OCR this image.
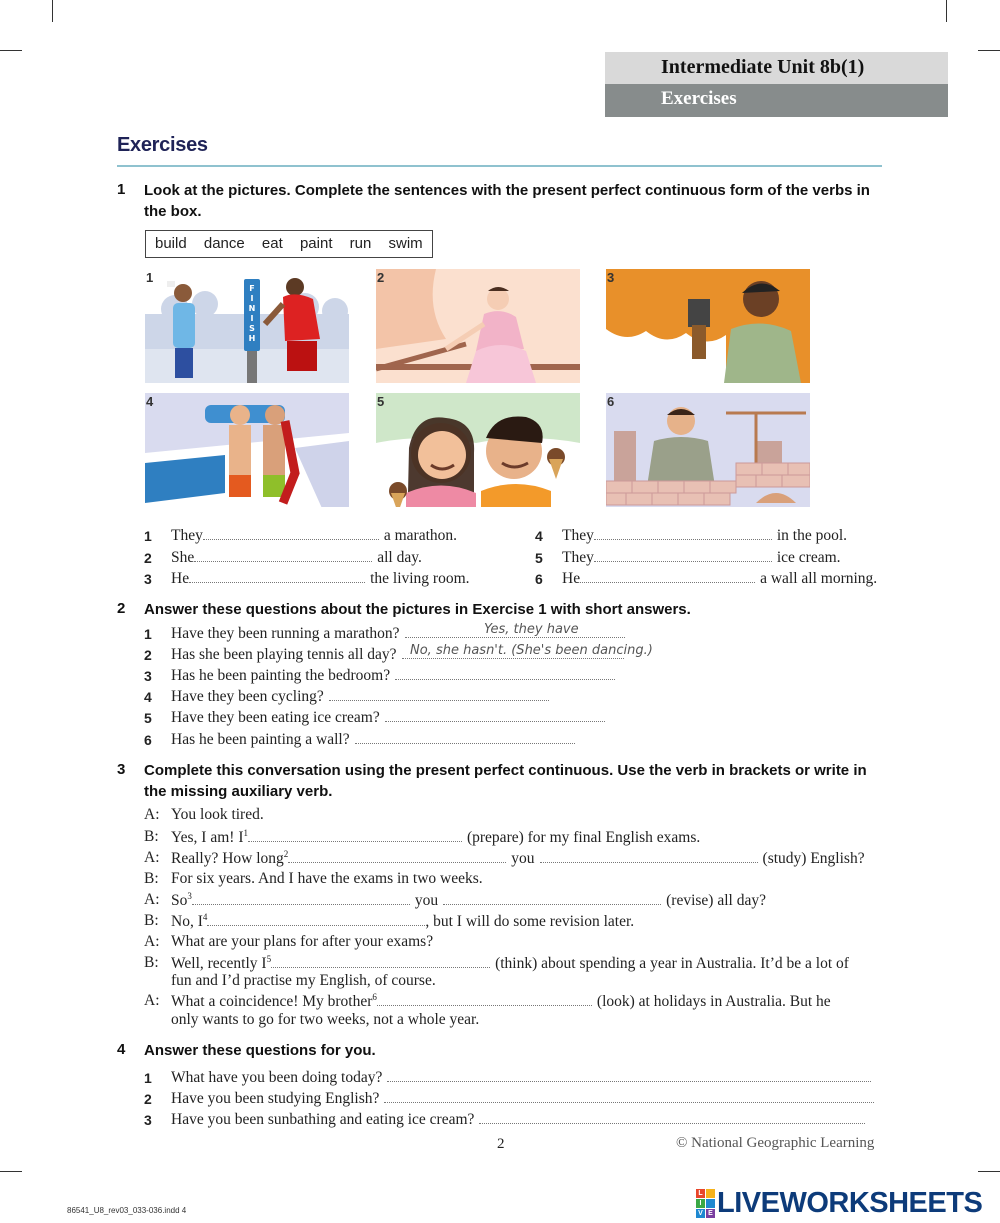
Intermediate Unit 8b(1)
Exercises
Exercises
1 Look at the pictures. Complete the sentences with the present perfect continuous form of the verbs in the box.
build dance eat paint run swim
1
F I N I S H
2	3
4	5	6
1 They	a marathon.
2 She	all day.
3 He	the living room.
4 They	in the pool.
5 They	ice cream.
6 He	a wall all morning.
2 Answer these questions about the pictures in Exercise 1 with short answers.
1 Have they been running a marathon?	Yes, they have
2 Has she been playing tennis all day?	No, she hasn't. (She's been dancing.)
3 Has he been painting the bedroom?
4 Have they been cycling?
5 Have they been eating ice cream?
6 Has he been painting a wall?
3 Complete this conversation using the present perfect continuous. Use the verb in brackets or write in the missing auxiliary verb.
A: You look tired.
B: Yes, I am! $I^1$	(prepare) for my final English exams.
A: Really? How long$^2$	you	(study) English?
B: For six years. And I have the exams in two weeks.
A: So$^3$	you	(revise) all day?
B: No, $I^4$	, but I will do some revision later.
A: What are your plans for after your exams?
B: Well, recently $I^5$	(think) about spending a year in Australia. It’d be a lot of
fun and I’d practise my English, of course.
A: What a coincidence! My brother$^6$	(look) at holidays in Australia. But he
only wants to go for two weeks, not a whole year.
4 Answer these questions for you.
1 What have you been doing today?
2 Have you been studying English?
3 Have you been sunbathing and eating ice cream?
2	© National Geographic Learning
86541_U8_rev03_033-036.indd 4
L
I
V E LIVEWORKSHEETS
